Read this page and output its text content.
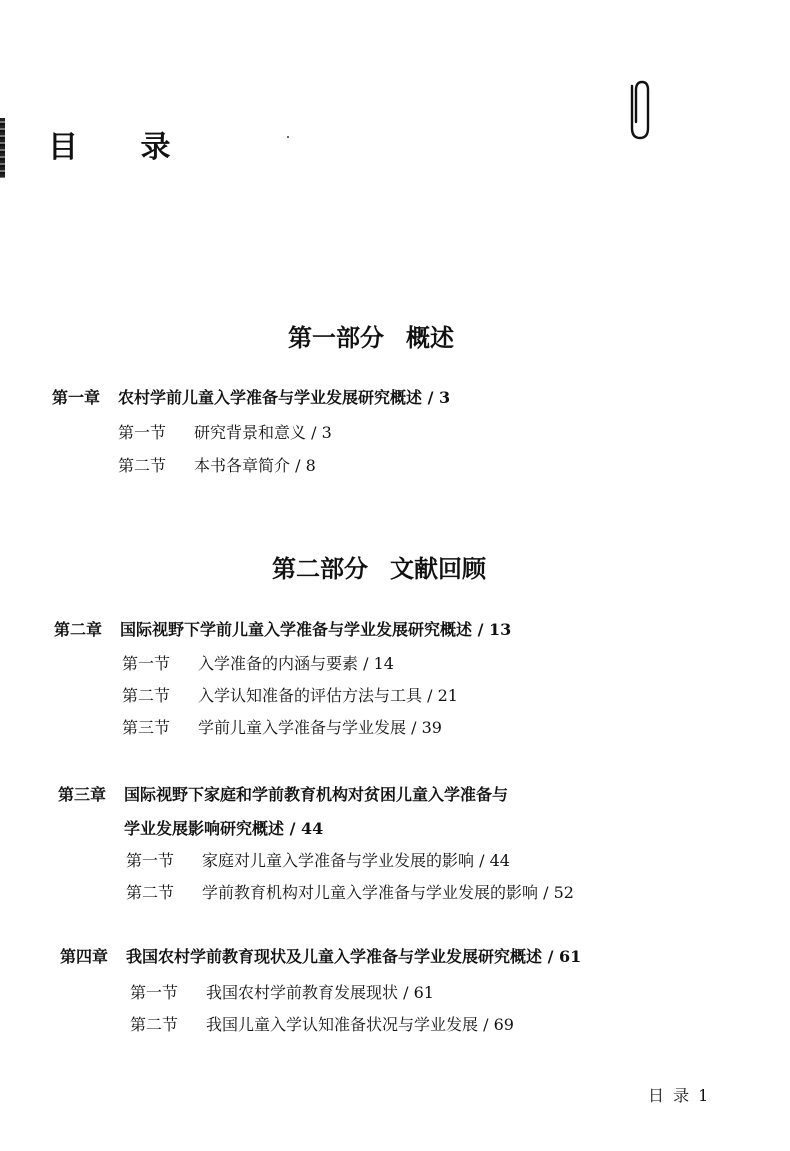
目 录
第一部分 概述
第一章 农村学前儿童入学准备与学业发展研究概述 / 3
第一节 研究背景和意义 / 3
第二节 本书各章简介 / 8
第二部分 文献回顾
第二章 国际视野下学前儿童入学准备与学业发展研究概述 / 13
第一节 入学准备的内涵与要素 / 14
第二节 入学认知准备的评估方法与工具 / 21
第三节 学前儿童入学准备与学业发展 / 39
第三章 国际视野下家庭和学前教育机构对贫困儿童入学准备与
学业发展影响研究概述 / 44
第一节 家庭对儿童入学准备与学业发展的影响 / 44
第二节 学前教育机构对儿童入学准备与学业发展的影响 / 52
第四章 我国农村学前教育现状及儿童入学准备与学业发展研究概述 / 61
第一节 我国农村学前教育发展现状 / 61
第二节 我国儿童入学认知准备状况与学业发展 / 69
日 录 1
